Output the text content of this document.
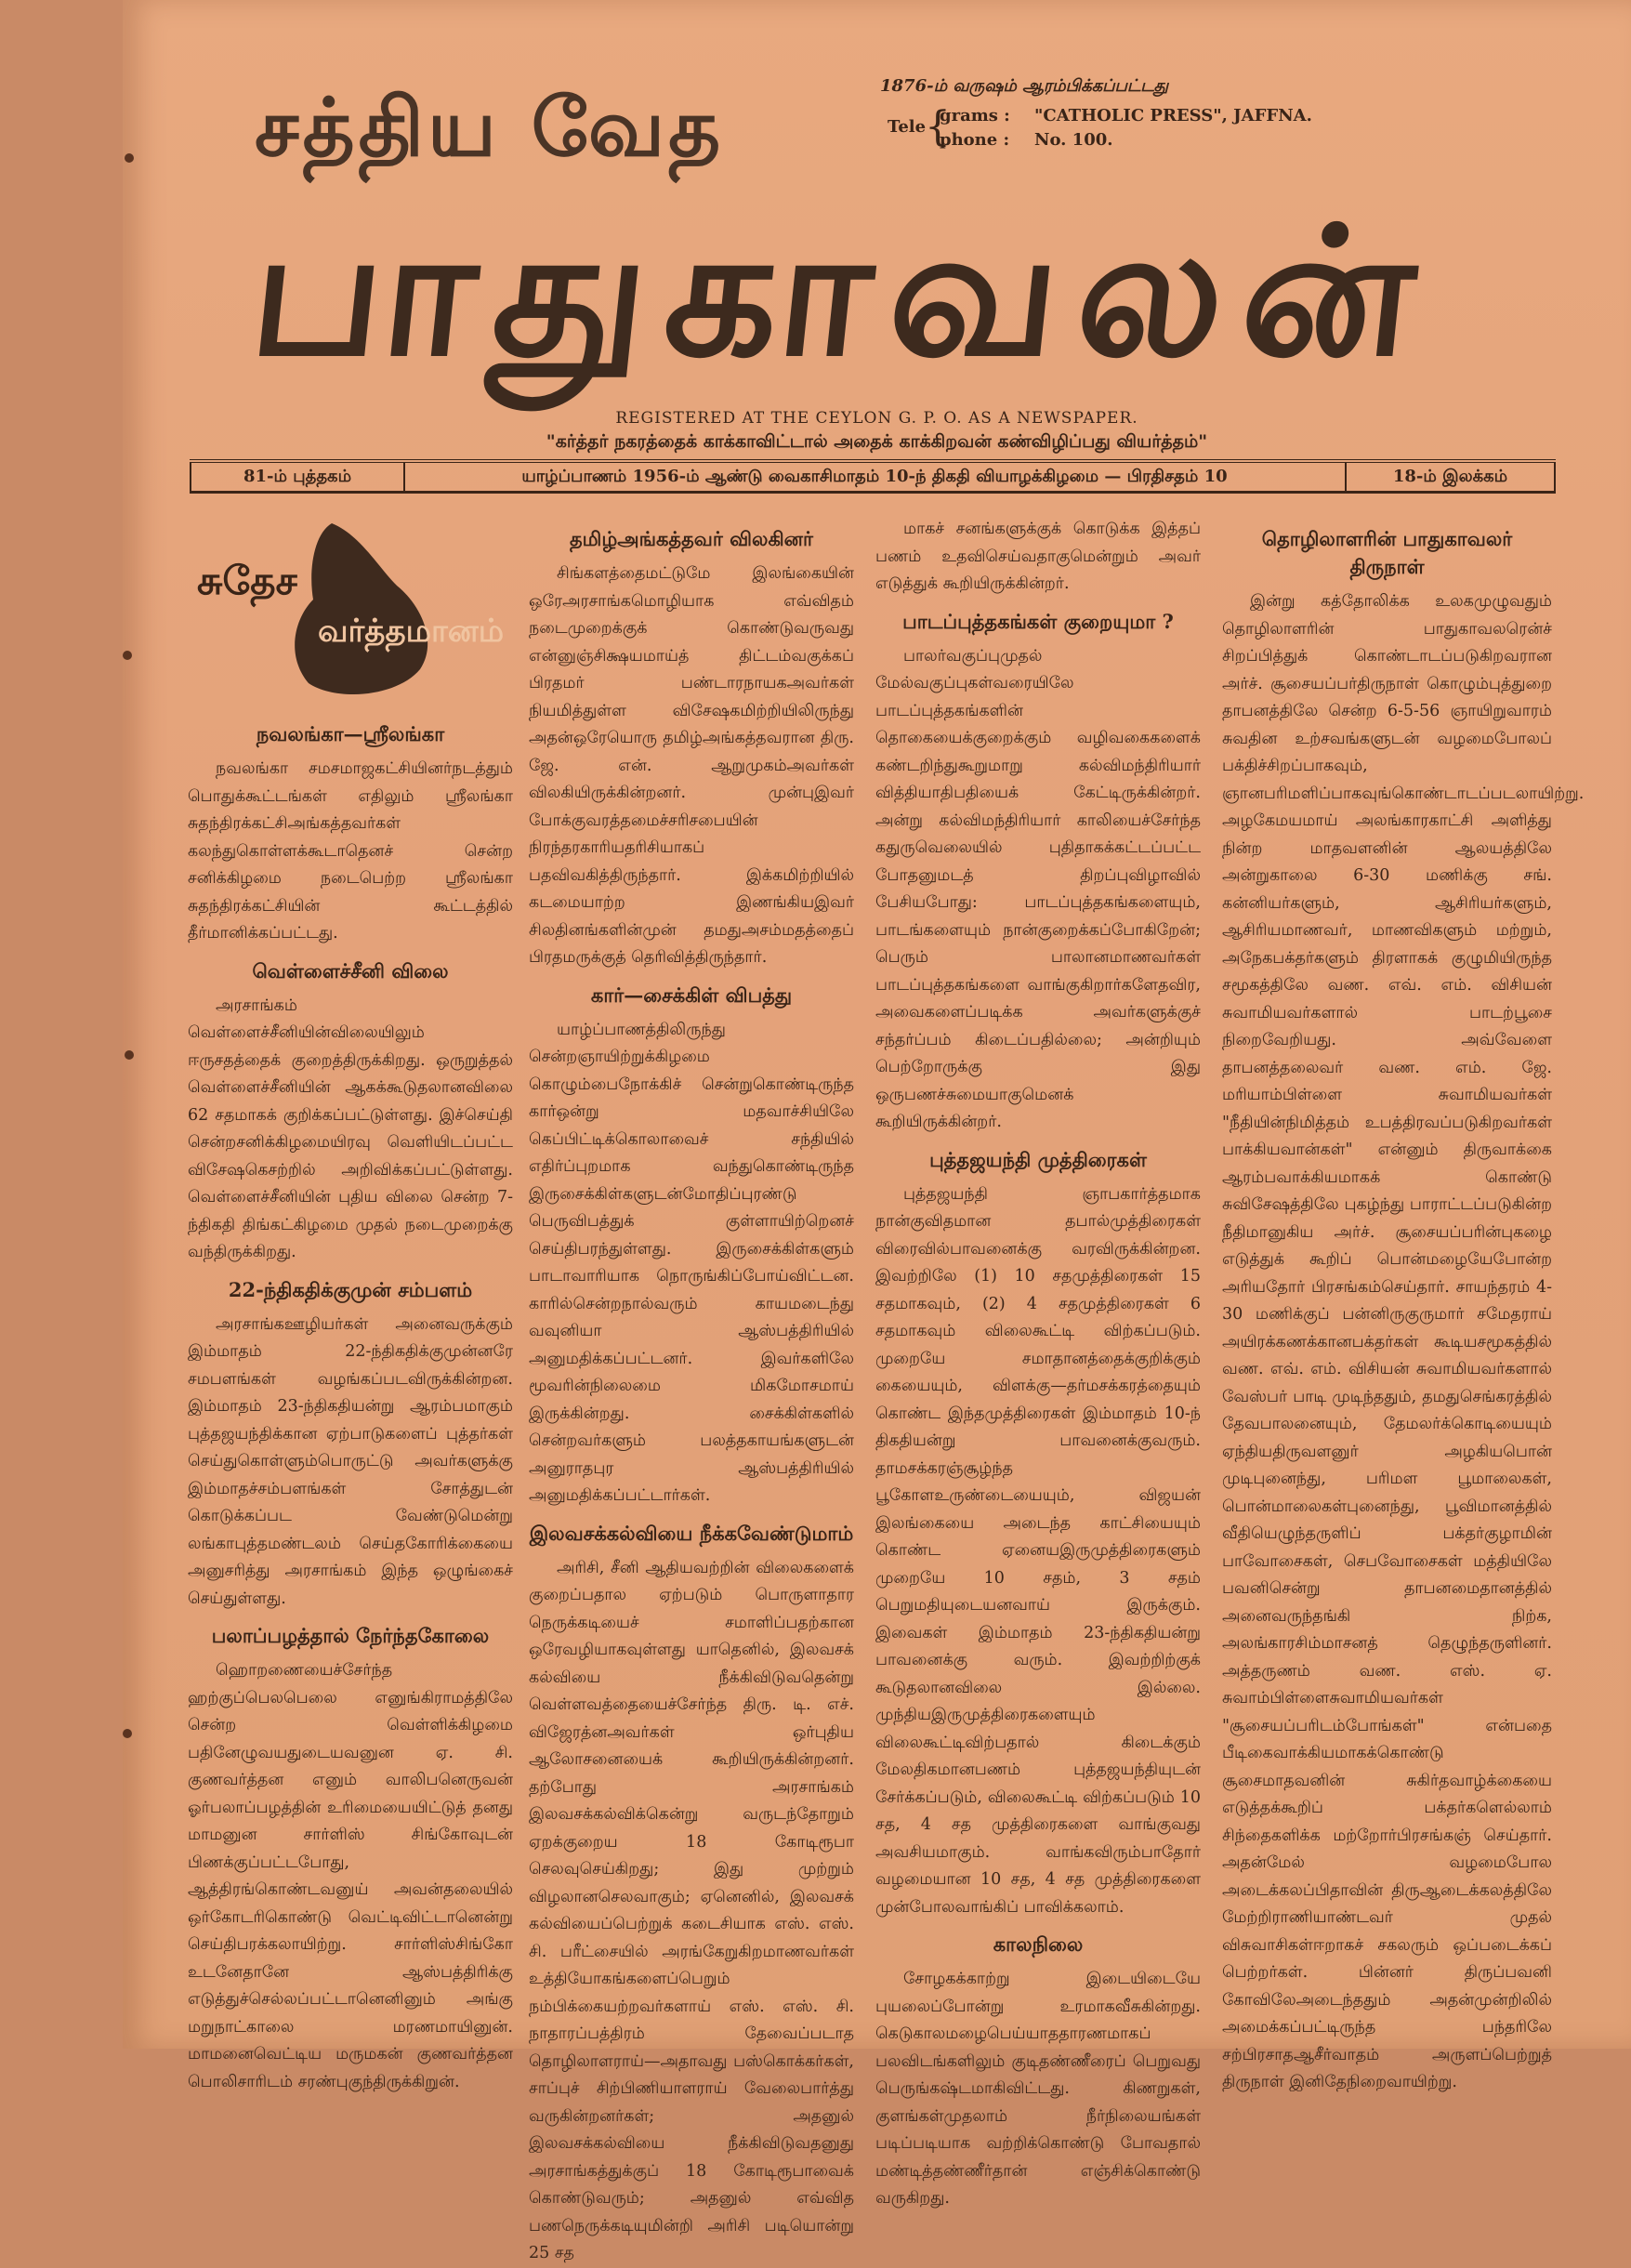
சத்திய வேத
பாதுகாவலன்
1876-ம் வருஷம் ஆரம்பிக்கப்பட்டது
Tele
{
grams : "CATHOLIC PRESS", JAFFNA.
phone : No. 100.
REGISTERED AT THE CEYLON G. P. O. AS A NEWSPAPER.
"கர்த்தர் நகரத்தைக் காக்காவிட்டால் அதைக் காக்கிறவன் கண்விழிப்பது வியர்த்தம்"
81-ம் புத்தகம்	யாழ்ப்பாணம் 1956-ம் ஆண்டு வைகாசிமாதம் 10-ந் திகதி வியாழக்கிழமை — பிரதிசதம் 10	18-ம் இலக்கம்
சுதேச
வர்த்தமானம்
நவலங்கா—ஸ்ரீலங்கா

நவலங்கா சமசமாஜகட்சியினர்நடத்தும் பொதுக்கூட்டங்கள் எதிலும் ஸ்ரீலங்கா சுதந்திரக்கட்சிஅங்கத்தவர்கள் கலந்துகொள்ளக்கூடாதெனச் சென்ற சனிக்கிழமை நடைபெற்ற ஸ்ரீலங்கா சுதந்திரக்கட்சியின் கூட்டத்தில் தீர்மானிக்கப்பட்டது.

வெள்ளைச்சீனி விலை

அரசாங்கம் வெள்ளைச்சீனியின்விலையிலும் ஈருசதத்தைக் குறைத்திருக்கிறது. ஒருறுத்தல் வெள்ளைச்சீனியின் ஆகக்கூடுதலானவிலை 62 சதமாகக் குறிக்கப்பட்டுள்ளது. இச்செய்தி சென்றசனிக்கிழமையிரவு வெளியிடப்பட்ட விசேஷகெசற்றில் அறிவிக்கப்பட்டுள்ளது. வெள்ளைச்சீனியின் புதிய விலை சென்ற 7-ந்திகதி திங்கட்கிழமை முதல் நடைமுறைக்கு வந்திருக்கிறது.

22-ந்திகதிக்குமுன் சம்பளம்

அரசாங்கஊழியர்கள் அனைவருக்கும் இம்மாதம் 22-ந்திகதிக்குமுன்னரே சமபளங்கள் வழங்கப்படவிருக்கின்றன. இம்மாதம் 23-ந்திகதியன்று ஆரம்பமாகும் புத்தஜயந்திக்கான ஏற்பாடுகளைப் புத்தர்கள் செய்துகொள்ளும்பொருட்டு அவர்களுக்கு இம்மாதச்சம்பளங்கள் சோத்துடன் கொடுக்கப்பட வேண்டுமென்று லங்காபுத்தமண்டலம் செய்தகோரிக்கையை அனுசரித்து அரசாங்கம் இந்த ஒழுங்கைச் செய்துள்ளது.

பலாப்பழத்தால் நேர்ந்தகோலை

ஹொறணையைச்சேர்ந்த ஹற்குப்பெலபெலை எனுங்கிராமத்திலே சென்ற வெள்ளிக்கிழமை பதினேழுவயதுடையவனுன ஏ. சி. குணவர்த்தன எனும் வாலிபனெருவன் ஓர்பலாப்பழத்தின் உரிமையையிட்டுத் தனது மாமனுன சார்ளிஸ் சிங்கோவுடன் பிணக்குப்பட்டபோது, ஆத்திரங்கொண்டவனுய் அவன்தலையில் ஒர்கோடரிகொண்டு வெட்டிவிட்டானென்று செய்திபரக்கலாயிற்று. சார்ளிஸ்சிங்கோ உடனேதானே ஆஸ்பத்திரிக்கு எடுத்துச்செல்லப்பட்டானெனினும் அங்கு மறுநாட்காலை மரணமாயினுன். மாமனைவெட்டிய மருமகன் குணவர்த்தன பொலிசாரிடம் சரண்புகுந்திருக்கிறுன்.

தமிழ்அங்கத்தவர் விலகினர்

சிங்களத்தைமட்டுமே இலங்கையின் ஒரேஅரசாங்கமொழியாக எவ்விதம் நடைமுறைக்குக் கொண்டுவருவது என்னுஞ்சிக்ஷயமாய்த் திட்டம்வகுக்கப் பிரதமர் பண்டாரநாயகஅவர்கள் நியமித்துள்ள விசேஷகமிற்றியிலிருந்து அதன்ஒரேயொரு தமிழ்அங்கத்தவரான திரு. ஜே. என். ஆறுமுகம்அவர்கள் விலகியிருக்கின்றனர். முன்புஇவர் போக்குவரத்தமைச்சரிசபையின் நிரந்தரகாரியதரிசியாகப் பதவிவகித்திருந்தார். இக்கமிற்றியில் கடமையாற்ற இணங்கியஇவர் சிலதினங்களின்முன் தமதுஅசம்மதத்தைப் பிரதமருக்குத் தெரிவித்திருந்தார்.

கார்—சைக்கிள் விபத்து

யாழ்ப்பாணத்திலிருந்து சென்றஞாயிற்றுக்கிழமை கொழும்பைநோக்கிச் சென்றுகொண்டிருந்த கார்ஒன்று மதவாச்சியிலே கெப்பிட்டிக்கொலாவைச் சந்தியில் எதிர்ப்புறமாக வந்துகொண்டிருந்த இருசைக்கிள்களுடன்மோதிப்புரண்டு பெருவிபத்துக் குள்ளாயிற்றெனச் செய்திபரந்துள்ளது. இருசைக்கிள்களும் பாடாவாரியாக நொருங்கிப்போய்விட்டன. காரில்சென்றநால்வரும் காயமடைந்து வவுனியா ஆஸ்பத்திரியில் அனுமதிக்கப்பட்டனர். இவர்களிலே மூவரின்நிலைமை மிகமோசமாய் இருக்கின்றது. சைக்கிள்களில் சென்றவர்களும் பலத்தகாயங்களுடன் அனுராதபுர ஆஸ்பத்திரியில் அனுமதிக்கப்பட்டார்கள்.

இலவசக்கல்வியை நீக்கவேண்டுமாம்

அரிசி, சீனி ஆதியவற்றின் விலைகளைக் குறைப்பதால ஏற்படும் பொருளாதார நெருக்கடியைச் சமாளிப்பதற்கான ஒரேவழியாகவுள்ளது யாதெனில், இலவசக் கல்வியை நீக்கிவிடுவதென்று வெள்ளவத்தையைச்சேர்ந்த திரு. டி. எச். விஜேரத்னஅவர்கள் ஒர்புதிய ஆலோசனையைக் கூறியிருக்கின்றனர். தற்போது அரசாங்கம் இலவசக்கல்விக்கென்று வருடந்தோறும் ஏறக்குறைய 18 கோடிரூபா செலவுசெய்கிறது; இது முற்றும் விழலானசெலவாகும்; ஏனெனில், இலவசக் கல்வியைப்பெற்றுக் கடைசியாக எஸ். எஸ். சி. பரீட்சையில் அரங்கேறுகிறமாணவர்கள் உத்தியோகங்களைப்பெறும் நம்பிக்கையற்றவர்களாய் எஸ். எஸ். சி. நாதாரப்பத்திரம் தேவைப்படாத தொழிலாளராய்—அதாவது பஸ்கொக்கர்கள், சாப்புச் சிற்பிணியாளராய் வேலைபார்த்து வருகின்றனர்கள்; அதனுல் இலவசக்கல்வியை நீக்கிவிடுவதனுது அரசாங்கத்துக்குப் 18 கோடிரூபாவைக் கொண்டுவரும்; அதனுல் எவ்வித பணநெருக்கடியுமின்றி அரிசி படியொன்று 25 சத

மாகச் சனங்களுக்குக் கொடுக்க இத்தப் பணம் உதவிசெய்வதாகுமென்றும் அவர் எடுத்துக் கூறியிருக்கின்றர்.

பாடப்புத்தகங்கள் குறையுமா ?

பாலர்வகுப்புமுதல் மேல்வகுப்புகள்வரையிலே பாடப்புத்தகங்களின் தொகையைக்குறைக்கும் வழிவகைகளைக் கண்டறிந்துகூறுமாறு கல்விமந்திரியார் வித்தியாதிபதியைக் கேட்டிருக்கின்றர். அன்று கல்விமந்திரியார் காலியைச்சேர்ந்த கதுருவெலையில் புதிதாகக்கட்டப்பட்ட போதனுமடத் திறப்புவிழாவில் பேசியபோது: பாடப்புத்தகங்களையும், பாடங்களையும் நான்குறைக்கப்போகிறேன்; பெரும் பாலானமாணவர்கள் பாடப்புத்தகங்களை வாங்குகிறார்களேதவிர, அவைகளைப்படிக்க அவர்களுக்குச் சந்தர்ப்பம் கிடைப்பதில்லை; அன்றியும் பெற்றோருக்கு இது ஒருபணச்சுமையாகுமெனக் கூறியிருக்கின்றர்.

புத்தஜயந்தி முத்திரைகள்

புத்தஜயந்தி ஞாபகார்த்தமாக நான்குவிதமான தபால்முத்திரைகள் விரைவில்பாவனைக்கு வரவிருக்கின்றன. இவற்றிலே (1) 10 சதமுத்திரைகள் 15 சதமாகவும், (2) 4 சதமுத்திரைகள் 6 சதமாகவும் விலைகூட்டி விற்கப்படும். முறையே சமாதானத்தைக்குறிக்கும் கையையும், விளக்கு—தர்மசக்கரத்தையும் கொண்ட இந்தமுத்திரைகள் இம்மாதம் 10-ந் திகதியன்று பாவனைக்குவரும். தாமசக்கரஞ்சூழ்ந்த பூகோளஉருண்டையையும், விஜயன் இலங்கையை அடைந்த காட்சியையும் கொண்ட ஏனையஇருமுத்திரைகளும் முறையே 10 சதம், 3 சதம் பெறுமதியுடையனவாய் இருக்கும். இவைகள் இம்மாதம் 23-ந்திகதியன்று பாவனைக்கு வரும். இவற்றிற்குக் கூடுதலானவிலை இல்லை. முந்தியஇருமுத்திரைகளையும் விலைகூட்டிவிற்பதால் கிடைக்கும் மேலதிகமானபணம் புத்தஜயந்தியுடன் சேர்க்கப்படும், விலைகூட்டி விற்கப்படும் 10 சத, 4 சத முத்திரைகளை வாங்குவது அவசியமாகும். வாங்கவிரும்பாதோர் வழமையான 10 சத, 4 சத முத்திரைகளை முன்போலவாங்கிப் பாவிக்கலாம்.

காலநிலை

சோழகக்காற்று இடையிடையே புயலைப்போன்று உரமாகவீசுகின்றது. கெடுகாலமழைபெய்யாததாரணமாகப் பலவிடங்களிலும் குடிதண்ணீரைப் பெறுவது பெருங்கஷ்டமாகிவிட்டது. கிணறுகள், குளங்கள்முதலாம் நீர்நிலையங்கள் படிப்படியாக வற்றிக்கொண்டு போவதால் மண்டித்தண்ணீர்தான் எஞ்சிக்கொண்டு வருகிறது.

தொழிலாளரின் பாதுகாவலர் திருநாள்

இன்று கத்தோலிக்க உலகமுழுவதும் தொழிலாளரின் பாதுகாவலரென்ச் சிறப்பித்துக் கொண்டாடப்படுகிறவரான அர்ச். சூசையப்பர்திருநாள் கொழும்புத்துறை தாபனத்திலே சென்ற 6-5-56 ஞாயிறுவாரம் சுவதின உற்சவங்களுடன் வழமைபோலப் பக்திச்சிறப்பாகவும், ஞானபரிமளிப்பாகவுங்கொண்டாடப்படலாயிற்று. அழகேமயமாய் அலங்காரகாட்சி அளித்து நின்ற மாதவளனின் ஆலயத்திலே அன்றுகாலை 6-30 மணிக்கு சங். கன்னியர்களும், ஆசிரியர்களும், ஆசிரியமாணவர், மாணவிகளும் மற்றும், அநேகபக்தர்களும் திரளாகக் குழுமியிருந்த சமூகத்திலே வண. எவ். எம். விசியன் சுவாமியவர்களால் பாடற்பூசை நிறைவேறியது. அவ்வேளை தாபனத்தலைவர் வண. எம். ஜே. மரியாம்பிள்ளை சுவாமியவர்கள் "நீதியின்நிமித்தம் உபத்திரவப்படுகிறவர்கள் பாக்கியவான்கள்" என்னும் திருவாக்கை ஆரம்பவாக்கியமாகக் கொண்டு சுவிசேஷத்திலே புகழ்ந்து பாராட்டப்படுகின்ற நீதிமானுகிய அர்ச். சூசையப்பரின்புகழை எடுத்துக் கூறிப் பொன்மழையேபோன்ற அரியதோர் பிரசங்கம்செய்தார். சாயந்தரம் 4-30 மணிக்குப் பன்னிருகுருமார் சமேதராய் அயிரக்கணக்கானபக்தர்கள் கூடியசமூகத்தில் வண. எவ். எம். விசியன் சுவாமியவர்களால் வேஸ்பர் பாடி முடிந்ததும், தமதுசெங்கரத்தில் தேவபாலனையும், தேமலர்க்கொடியையும் ஏந்தியதிருவளனுர் அழகியபொன் முடிபுனைந்து, பரிமள பூமாலைகள், பொன்மாலைகள்புனைந்து, பூவிமானத்தில் வீதியெழுந்தருளிப் பக்தர்குழாமின் பாவோசைகள், செபவோசைகள் மத்தியிலே பவனிசென்று தாபனமைதானத்தில் அனைவருந்தங்கி நிற்க, அலங்காரசிம்மாசனத் தெழுந்தருளினர். அத்தருணம் வண. எஸ். ஏ. சுவாம்பிள்ளைசுவாமியவர்கள் "சூசையப்பரிடம்போங்கள்" என்பதை பீடிகைவாக்கியமாகக்கொண்டு சூசைமாதவனின் சுகிர்தவாழ்க்கையை எடுத்தக்கூறிப் பக்தர்களெல்லாம் சிந்தைகளிக்க மற்றோர்பிரசங்கஞ் செய்தார். அதன்மேல் வழமைபோல அடைக்கலப்பிதாவின் திருஆடைக்கலத்திலே மேற்றிராணியாண்டவர் முதல் விசுவாசிகள்ஈறாகச் சகலரும் ஒப்படைக்கப் பெற்றர்கள். பின்னர் திருப்பவனி கோவிலேஅடைந்ததும் அதன்முன்றிலில் அமைக்கப்பட்டிருந்த பந்தரிலே சற்பிரசாதஆசீர்வாதம் அருளப்பெற்றுத் திருநாள் இனிதேநிறைவாயிற்று.
